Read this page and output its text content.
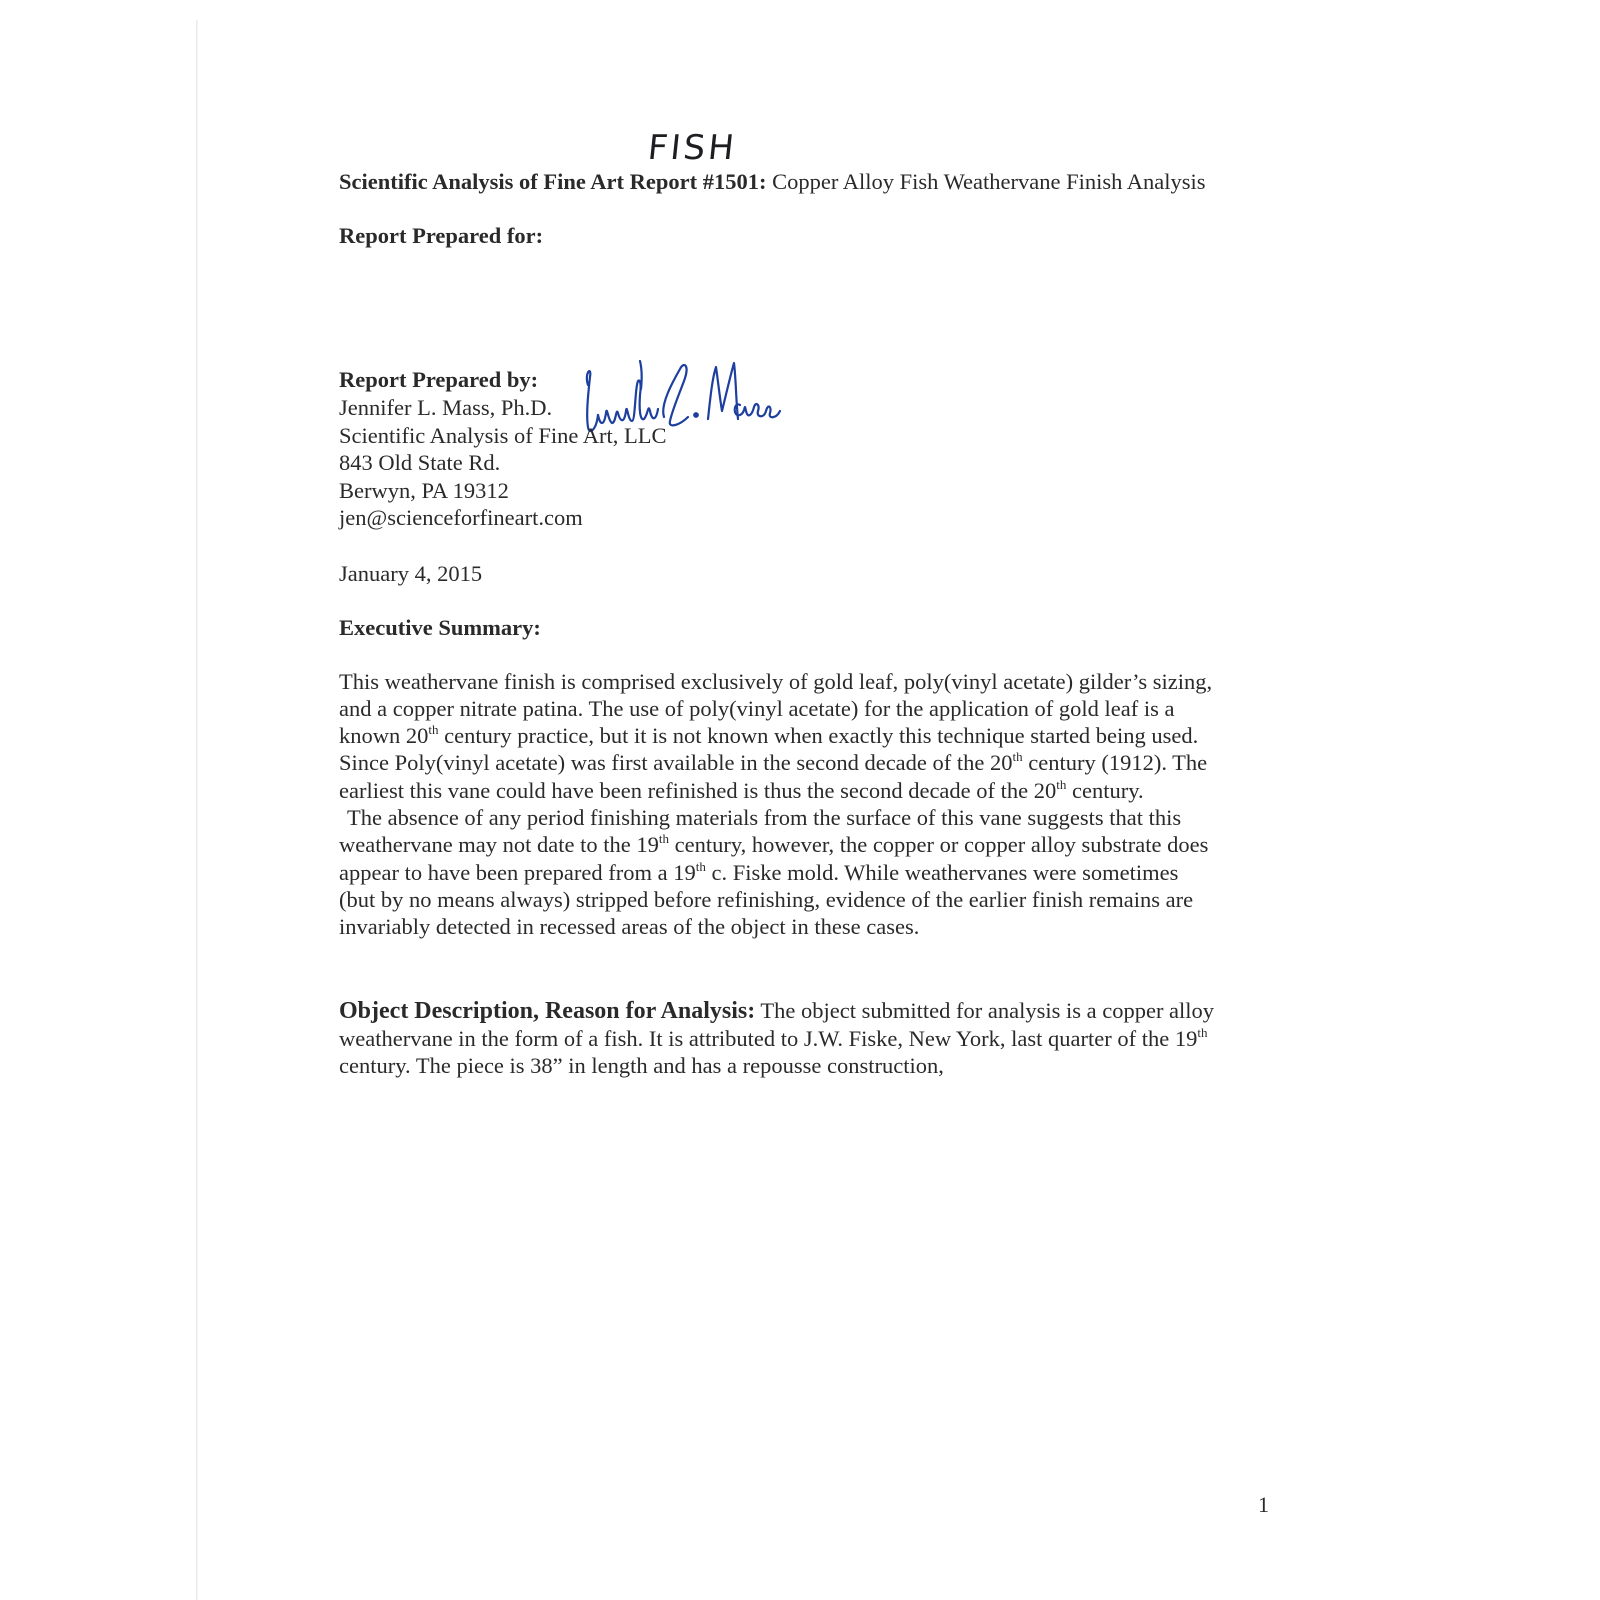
FISH

Scientific Analysis of Fine Art Report #1501: Copper Alloy Fish Weathervane Finish Analysis

Report Prepared for:

Report Prepared by:

Jennifer L. Mass, Ph.D.

Scientific Analysis of Fine Art, LLC

843 Old State Rd.

Berwyn, PA 19312

jen@scienceforfineart.com

January 4, 2015

Executive Summary:

This weathervane finish is comprised exclusively of gold leaf, poly(vinyl acetate) gilder’s sizing,

and a copper nitrate patina. The use of poly(vinyl acetate) for the application of gold leaf is a

known 20th century practice, but it is not known when exactly this technique started being used.

Since Poly(vinyl acetate) was first available in the second decade of the 20th century (1912). The

earliest this vane could have been refinished is thus the second decade of the 20th century.

The absence of any period finishing materials from the surface of this vane suggests that this

weathervane may not date to the 19th century, however, the copper or copper alloy substrate does

appear to have been prepared from a 19th c. Fiske mold. While weathervanes were sometimes

(but by no means always) stripped before refinishing, evidence of the earlier finish remains are

invariably detected in recessed areas of the object in these cases.

Object Description, Reason for Analysis: The object submitted for analysis is a copper alloy
weathervane in the form of a fish. It is attributed to J.W. Fiske, New York, last quarter of the 19th
century. The piece is 38” in length and has a repousse construction,
1
